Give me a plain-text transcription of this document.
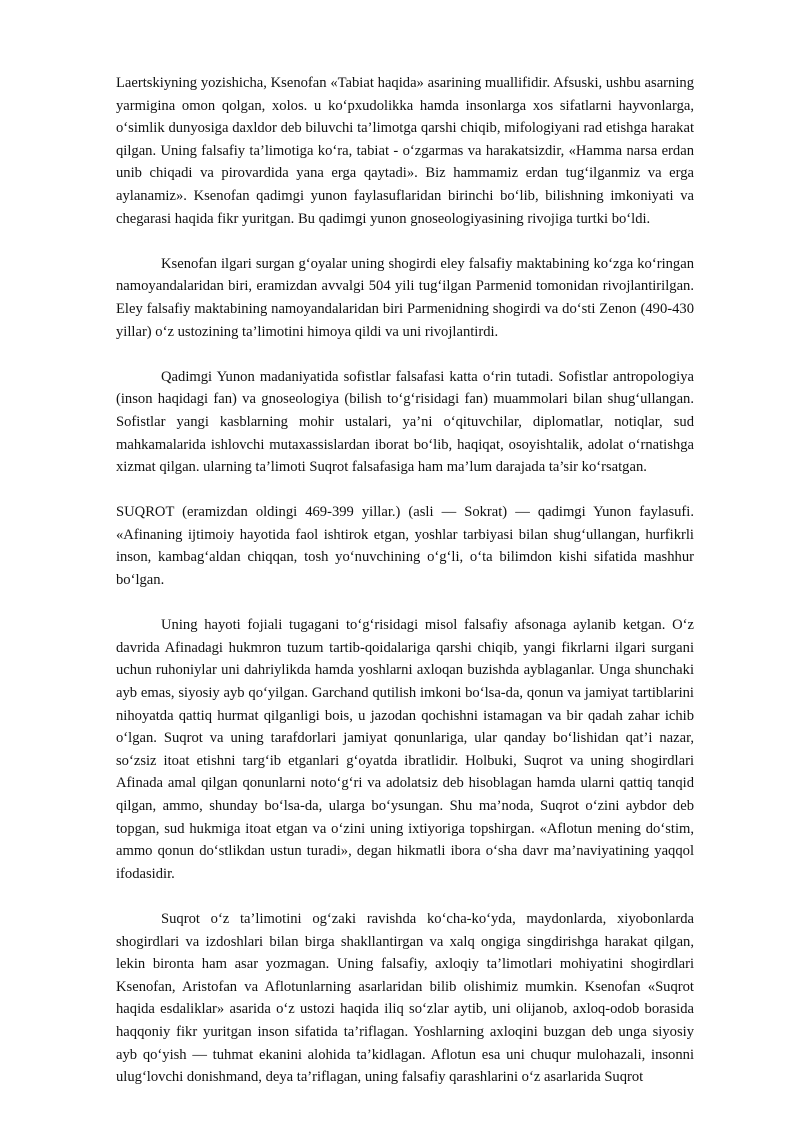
Laertskiyning yozishicha, Ksenofan «Tabiat haqida» asarining muallifidir. Afsuski, ushbu asarning yarmigina omon qolgan, xolos. u ko‘pxudolikka hamda insonlarga xos sifatlarni hayvonlarga, o‘simlik dunyosiga daxldor deb biluvchi ta’limotga qarshi chiqib, mifologiyani rad etishga harakat qilgan. Uning falsafiy ta’limotiga ko‘ra, tabiat - o‘zgarmas va harakatsizdir, «Hamma narsa erdan unib chiqadi va pirovardida yana erga qaytadi». Biz hammamiz erdan tug‘ilganmiz va erga aylanamiz». Ksenofan qadimgi yunon faylasuflaridan birinchi bo‘lib, bilishning imkoniyati va chegarasi haqida fikr yuritgan. Bu qadimgi yunon gnoseologiyasining rivojiga turtki bo‘ldi.

Ksenofan ilgari surgan g‘oyalar uning shogirdi eley falsafiy maktabining ko‘zga ko‘ringan namoyandalaridan biri, eramizdan avvalgi 504 yili tug‘ilgan Parmenid tomonidan rivojlantirilgan. Eley falsafiy maktabining namoyandalaridan biri Parmenidning shogirdi va do‘sti Zenon (490-430 yillar) o‘z ustozining ta’limotini himoya qildi va uni rivojlantirdi.

Qadimgi Yunon madaniyatida sofistlar falsafasi katta o‘rin tutadi. Sofistlar antropologiya (inson haqidagi fan) va gnoseologiya (bilish to‘g‘risidagi fan) muammolari bilan shug‘ullangan. Sofistlar yangi kasblarning mohir ustalari, ya’ni o‘qituvchilar, diplomatlar, notiqlar, sud mahkamalarida ishlovchi mutaxassislardan iborat bo‘lib, haqiqat, osoyishtalik, adolat o‘rnatishga xizmat qilgan. ularning ta’limoti Suqrot falsafasiga ham ma’lum darajada ta’sir ko‘rsatgan.

SUQROT (eramizdan oldingi 469-399 yillar.) (asli — Sokrat) — qadimgi Yunon faylasufi. «Afinaning ijtimoiy hayotida faol ishtirok etgan, yoshlar tarbiyasi bilan shug‘ullangan, hurfikrli inson, kambag‘aldan chiqqan, tosh yo‘nuvchining o‘g‘li, o‘ta bilimdon kishi sifatida mashhur bo‘lgan.

Uning hayoti fojiali tugagani to‘g‘risidagi misol falsafiy afsonaga aylanib ketgan. O‘z davrida Afinadagi hukmron tuzum tartib-qoidalariga qarshi chiqib, yangi fikrlarni ilgari surgani uchun ruhoniylar uni dahriylikda hamda yoshlarni axloqan buzishda ayblaganlar. Unga shunchaki ayb emas, siyosiy ayb qo‘yilgan. Garchand qutilish imkoni bo‘lsa-da, qonun va jamiyat tartiblarini nihoyatda qattiq hurmat qilganligi bois, u jazodan qochishni istamagan va bir qadah zahar ichib o‘lgan. Suqrot va uning tarafdorlari jamiyat qonunlariga, ular qanday bo‘lishidan qat’i nazar, so‘zsiz itoat etishni targ‘ib etganlari g‘oyatda ibratlidir. Holbuki, Suqrot va uning shogirdlari Afinada amal qilgan qonunlarni noto‘g‘ri va adolatsiz deb hisoblagan hamda ularni qattiq tanqid qilgan, ammo, shunday bo‘lsa-da, ularga bo‘ysungan. Shu ma’noda, Suqrot o‘zini aybdor deb topgan, sud hukmiga itoat etgan va o‘zini uning ixtiyoriga topshirgan. «Aflotun mening do‘stim, ammo qonun do‘stlikdan ustun turadi», degan hikmatli ibora o‘sha davr ma’naviyatining yaqqol ifodasidir.

Suqrot o‘z ta’limotini og‘zaki ravishda ko‘cha-ko‘yda, maydonlarda, xiyobonlarda shogirdlari va izdoshlari bilan birga shakllantirgan va xalq ongiga singdirishga harakat qilgan, lekin bironta ham asar yozmagan. Uning falsafiy, axloqiy ta’limotlari mohiyatini shogirdlari Ksenofan, Aristofan va Aflotunlarning asarlaridan bilib olishimiz mumkin. Ksenofan «Suqrot haqida esdaliklar» asarida o‘z ustozi haqida iliq so‘zlar aytib, uni olijanob, axloq-odob borasida haqqoniy fikr yuritgan inson sifatida ta’riflagan. Yoshlarning axloqini buzgan deb unga siyosiy ayb qo‘yish — tuhmat ekanini alohida ta’kidlagan. Aflotun esa uni chuqur mulohazali, insonni ulug‘lovchi donishmand, deya ta’riflagan, uning falsafiy qarashlarini o‘z asarlarida Suqrot
